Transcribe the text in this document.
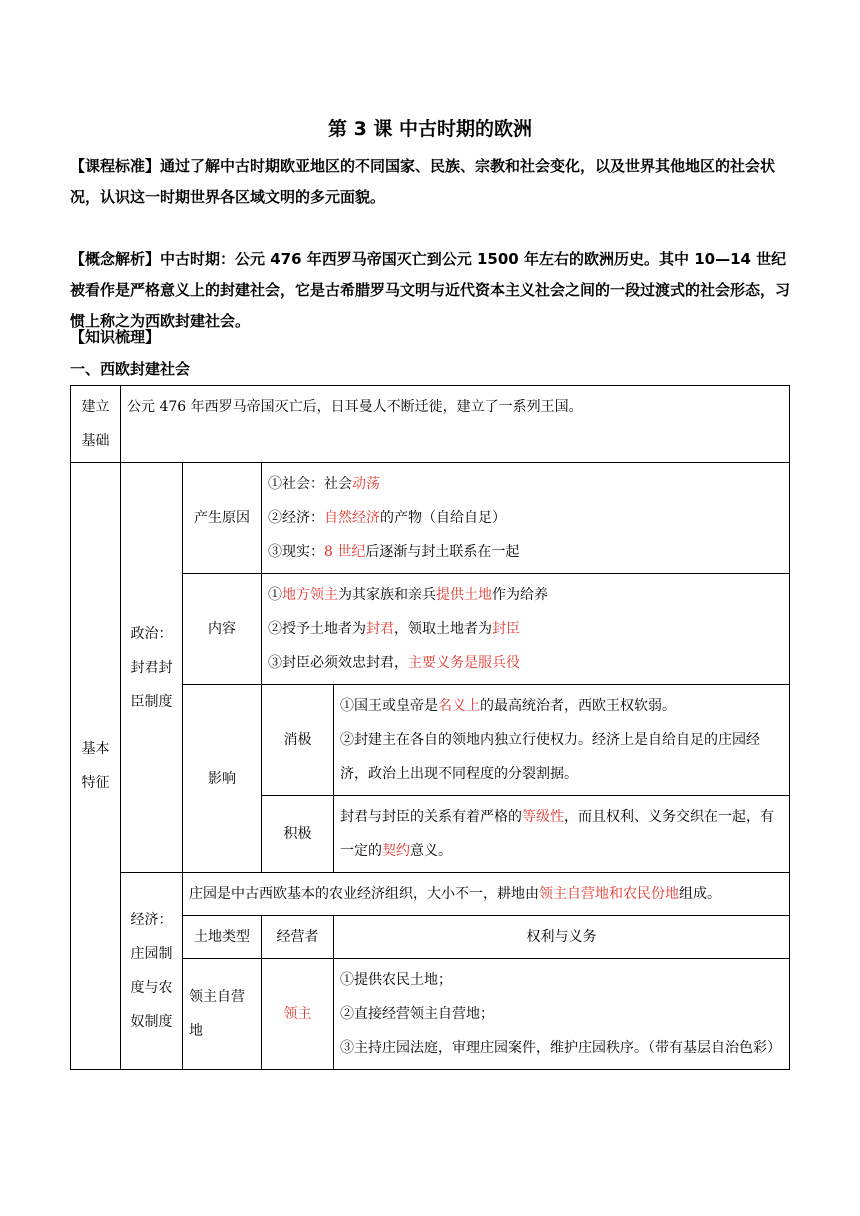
第 3 课 中古时期的欧洲
【课程标准】通过了解中古时期欧亚地区的不同国家、民族、宗教和社会变化，以及世界其他地区的社会状况，认识这一时期世界各区域文明的多元面貌。
【概念解析】中古时期：公元 476 年西罗马帝国灭亡到公元 1500 年左右的欧洲历史。其中 10—14 世纪被看作是严格意义上的封建社会，它是古希腊罗马文明与近代资本主义社会之间的一段过渡式的社会形态，习惯上称之为西欧封建社会。
【知识梳理】
一、西欧封建社会
建立基础	公元 476 年西罗马帝国灭亡后，日耳曼人不断迁徙，建立了一系列王国。			
基本特征	政治：封君封臣制度	产生原因	①社会：社会动荡
②经济：自然经济的产物（自给自足）
③现实：8 世纪后逐渐与封土联系在一起	

		内容	①地方领主为其家族和亲兵提供土地作为给养
②授予土地者为封君，领取土地者为封臣
③封臣必须效忠封君，主要义务是服兵役	

		影响	消极	①国王或皇帝是名义上的最高统治者，西欧王权软弱。
②封建主在各自的领地内独立行使权力。经济上是自给自足的庄园经济，政治上出现不同程度的分裂割据。

			积极	封君与封臣的关系有着严格的等级性，而且权利、义务交织在一起，有一定的契约意义。
	经济：庄园制度与农奴制度	庄园是中古西欧基本的农业经济组织，大小不一，耕地由领主自营地和农民份地组成。		
		土地类型	经营者	权利与义务
		领主自营地	领主	①提供农民土地；
②直接经营领主自营地；
③主持庄园法庭，审理庄园案件，维护庄园秩序。（带有基层自治色彩）
